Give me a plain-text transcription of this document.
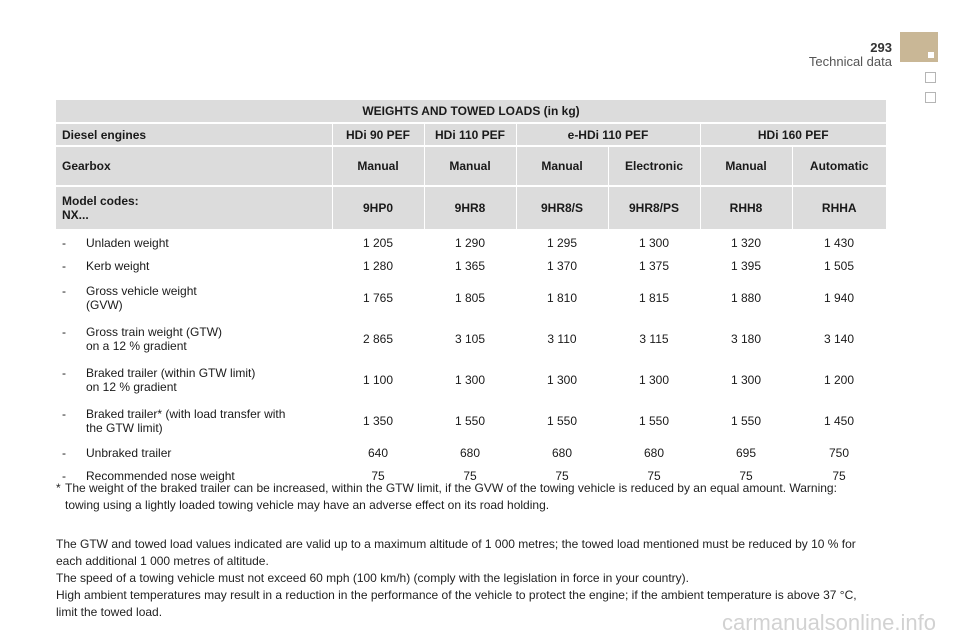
293
Technical data
WEIGHTS AND TOWED LOADS (in kg)						
Diesel engines	HDi 90 PEF	HDi 110 PEF	e-HDi 110 PEF		HDi 160 PEF	
Gearbox	Manual	Manual	Manual	Electronic	Manual	Automatic

Model codes:
NX...	9HP0	9HR8	9HR8/S	9HR8/PS	RHH8	RHHA

- Unladen weight	1 205	1 290	1 295	1 300	1 320	1 430

- Kerb weight	1 280	1 365	1 370	1 375	1 395	1 505

- Gross vehicle weight
(GVW)	1 765	1 805	1 810	1 815	1 880	1 940

- Gross train weight (GTW)
on a 12 % gradient	2 865	3 105	3 110	3 115	3 180	3 140

- Braked trailer (within GTW limit)
on 12 % gradient	1 100	1 300	1 300	1 300	1 300	1 200

- Braked trailer* (with load transfer with
the GTW limit)	1 350	1 550	1 550	1 550	1 550	1 450

- Unbraked trailer	640	680	680	680	695	750

- Recommended nose weight	75	75	75	75	75	75
* The weight of the braked trailer can be increased, within the GTW limit, if the GVW of the towing vehicle is reduced by an equal amount. Warning:
towing using a lightly loaded towing vehicle may have an adverse effect on its road holding.
The GTW and towed load values indicated are valid up to a maximum altitude of 1 000 metres; the towed load mentioned must be reduced by 10 % for
each additional 1 000 metres of altitude.
The speed of a towing vehicle must not exceed 60 mph (100 km/h) (comply with the legislation in force in your country).
High ambient temperatures may result in a reduction in the performance of the vehicle to protect the engine; if the ambient temperature is above 37 °C,
limit the towed load.	carmanualsonline.info
